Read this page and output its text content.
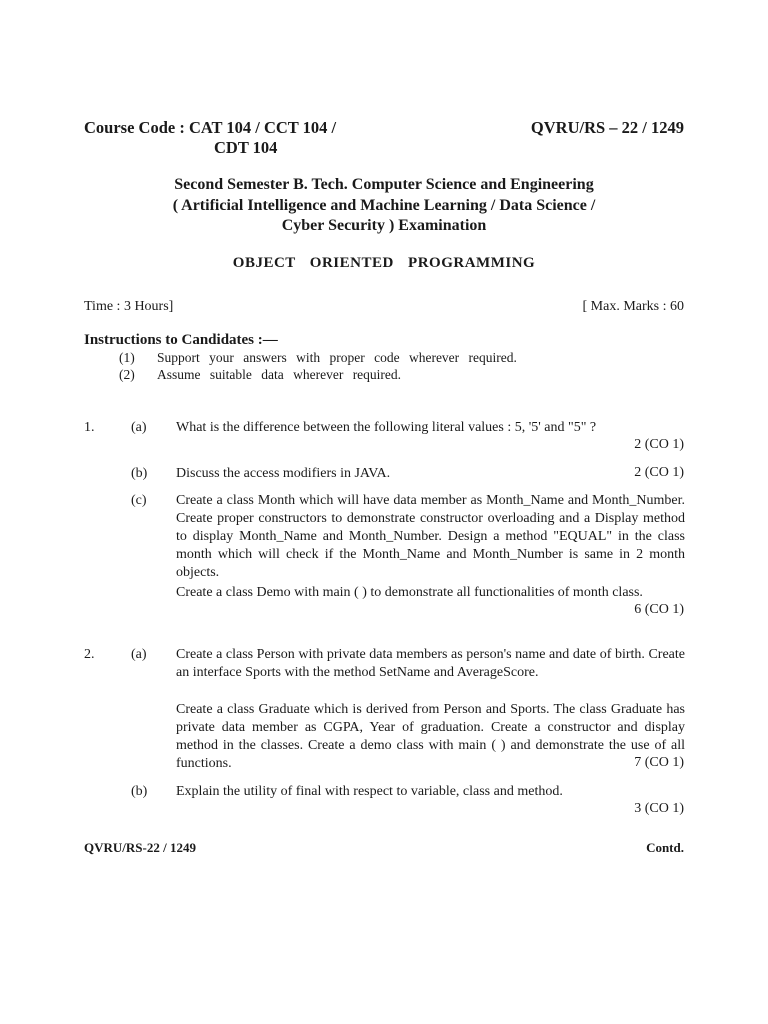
Course Code : CAT 104 / CCT 104 /
CDT 104
QVRU/RS – 22 / 1249
Second Semester B. Tech. Computer Science and Engineering
( Artificial Intelligence and Machine Learning / Data Science /
Cyber Security ) Examination
OBJECT ORIENTED PROGRAMMING
Time : 3 Hours]	[ Max. Marks : 60
Instructions to Candidates :—
(1) Support your answers with proper code wherever required.
(2) Assume suitable data wherever required.
1.	(a) What is the difference between the following literal values : 5, '5' and "5" ?
2 (CO 1)
(b) Discuss the access modifiers in JAVA.	2 (CO 1)
(c) Create a class Month which will have data member as Month_Name and Month_Number. Create proper constructors to demonstrate constructor overloading and a Display method to display Month_Name and Month_Number. Design a method "EQUAL" in the class month which will check if the Month_Name and Month_Number is same in 2 month objects.
Create a class Demo with main ( ) to demonstrate all functionalities of month class.
6 (CO 1)
2.	(a) Create a class Person with private data members as person's name and date of birth. Create an interface Sports with the method SetName and AverageScore.
Create a class Graduate which is derived from Person and Sports. The class Graduate has private data member as CGPA, Year of graduation. Create a constructor and display method in the classes. Create a demo class with main ( ) and demonstrate the use of all functions.	7 (CO 1)
(b) Explain the utility of final with respect to variable, class and method.
3 (CO 1)
QVRU/RS-22 / 1249	Contd.
